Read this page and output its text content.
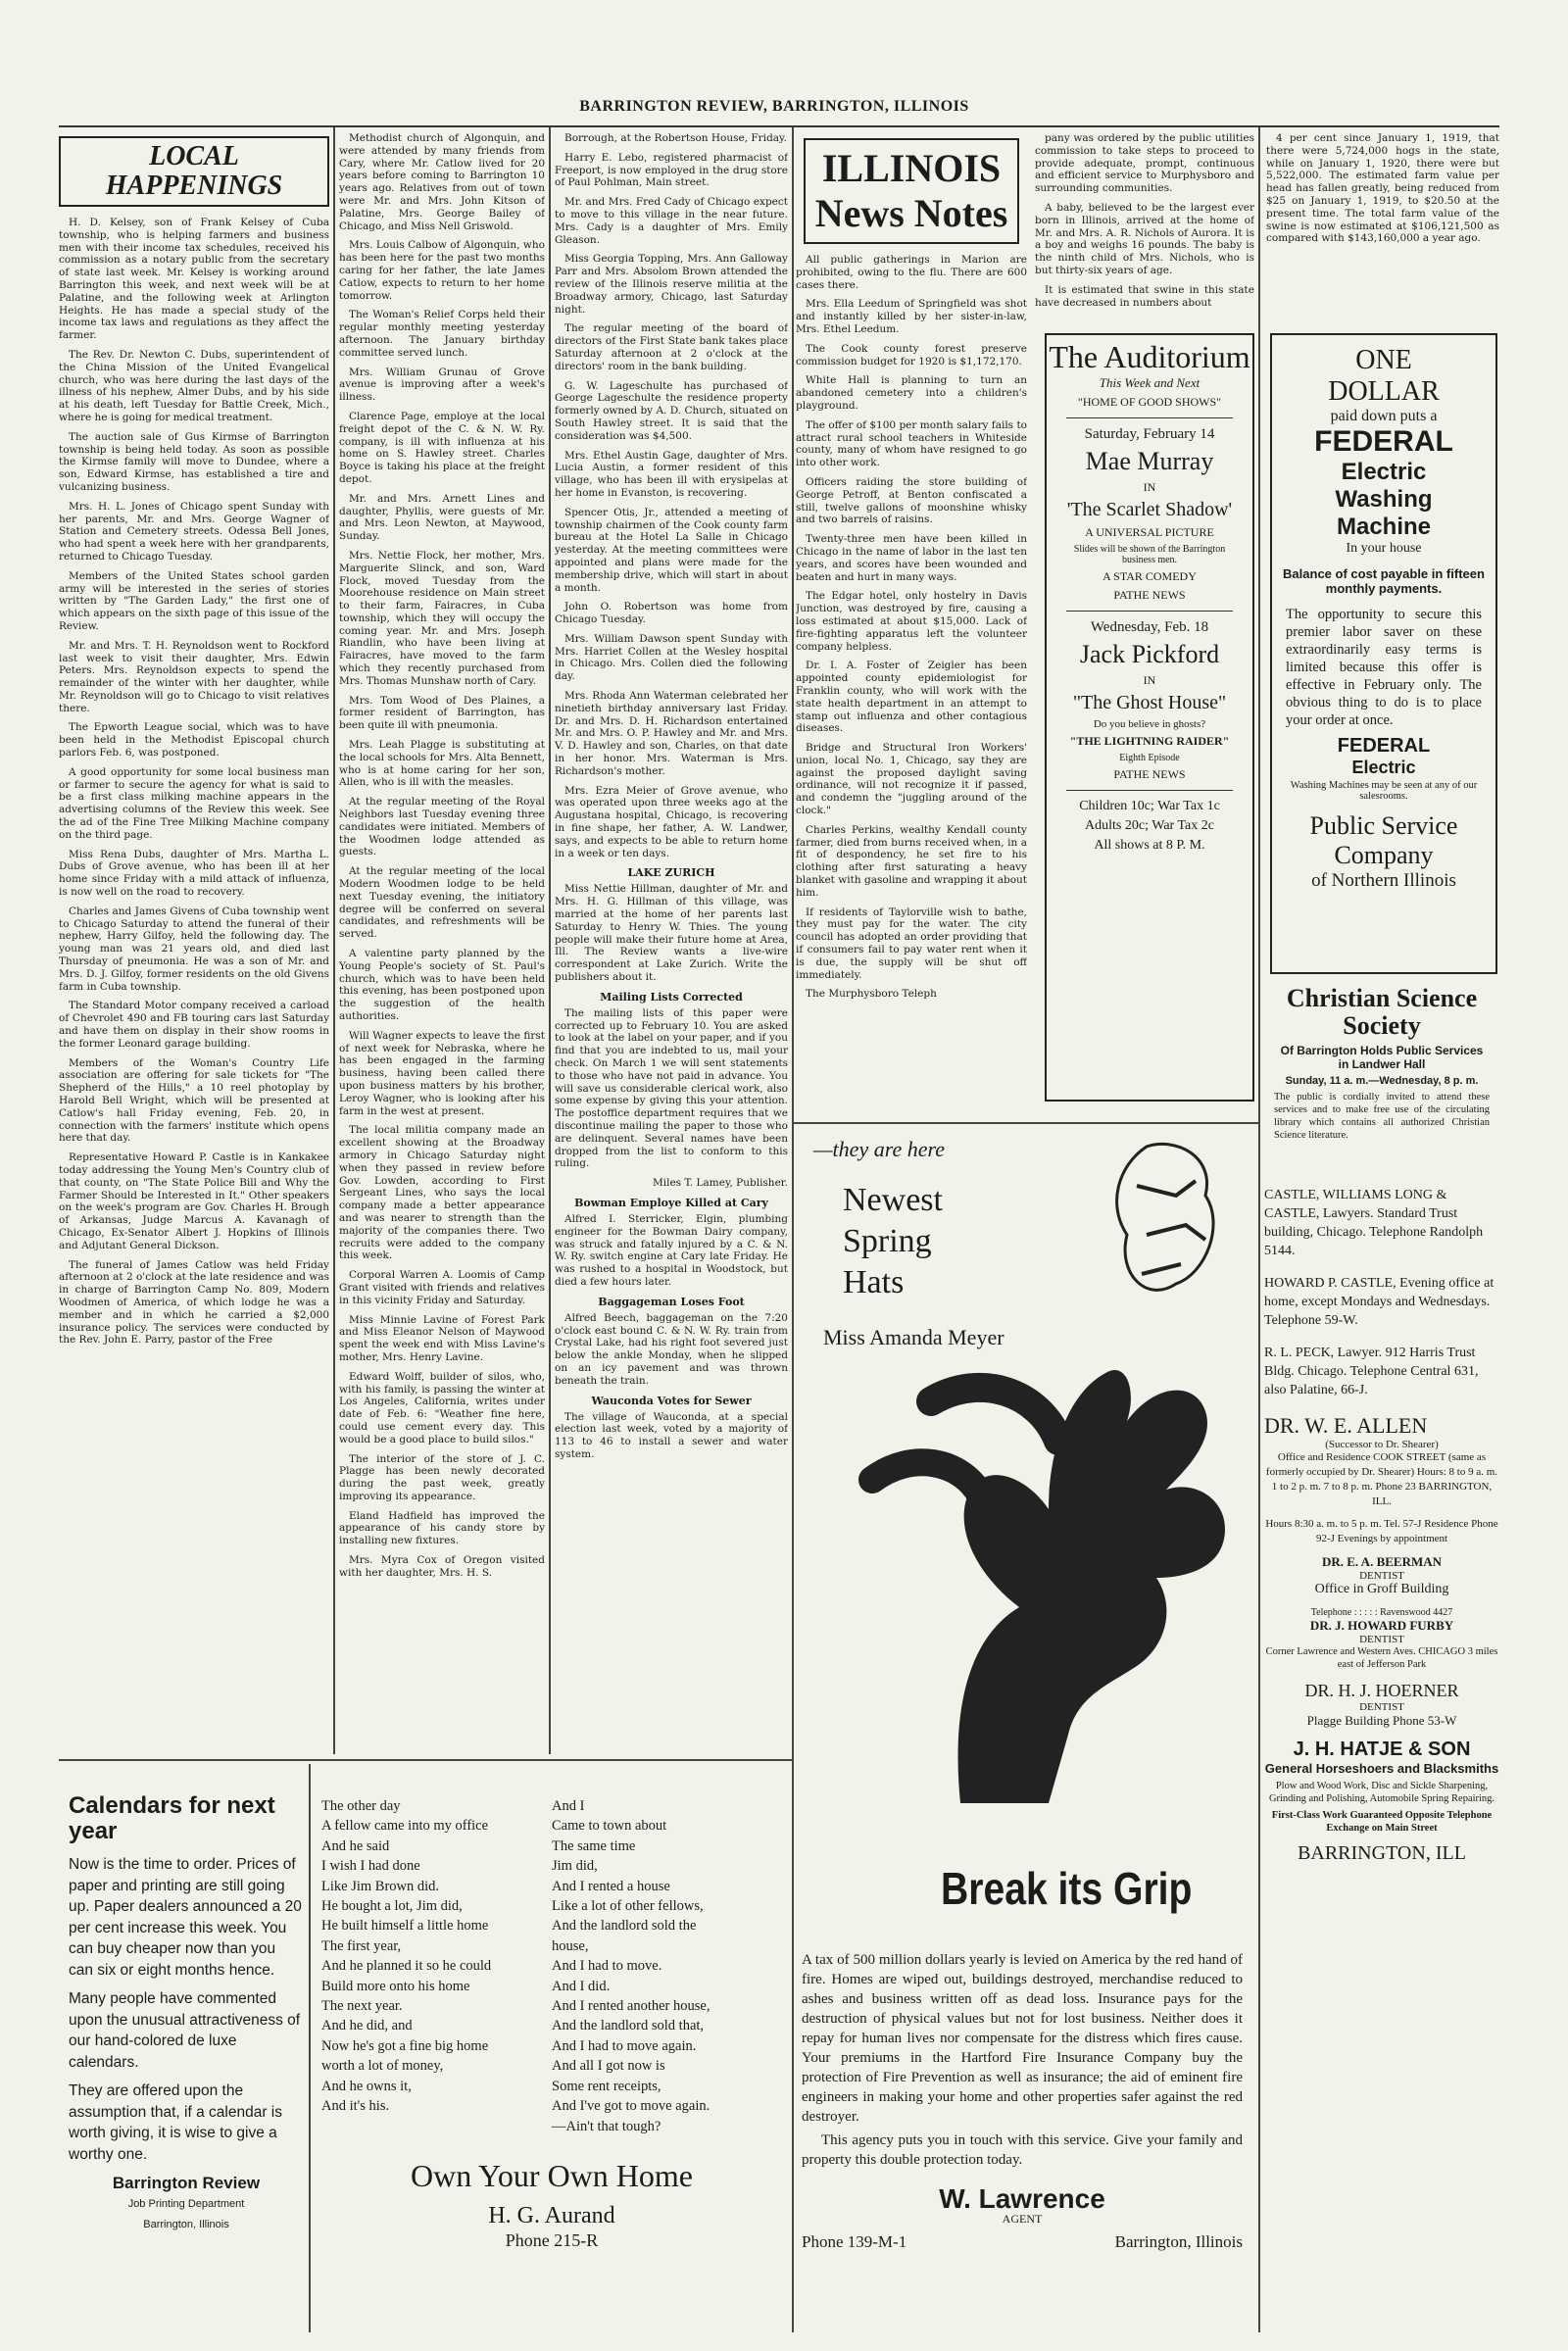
BARRINGTON REVIEW, BARRINGTON, ILLINOIS
LOCAL HAPPENINGS

H. D. Kelsey, son of Frank Kelsey of Cuba township, who is helping farmers and business men with their income tax schedules, received his commission as a notary public from the secretary of state last week. Mr. Kelsey is working around Barrington this week, and next week will be at Palatine, and the following week at Arlington Heights. He has made a special study of the income tax laws and regulations as they affect the farmer.

The Rev. Dr. Newton C. Dubs, superintendent of the China Mission of the United Evangelical church, who was here during the last days of the illness of his nephew, Almer Dubs, and by his side at his death, left Tuesday for Battle Creek, Mich., where he is going for medical treatment.

The auction sale of Gus Kirmse of Barrington township is being held today. As soon as possible the Kirmse family will move to Dundee, where a son, Edward Kirmse, has established a tire and vulcanizing business.

Mrs. H. L. Jones of Chicago spent Sunday with her parents, Mr. and Mrs. George Wagner of Station and Cemetery streets. Odessa Bell Jones, who had spent a week here with her grandparents, returned to Chicago Tuesday.

Members of the United States school garden army will be interested in the series of stories written by "The Garden Lady," the first one of which appears on the sixth page of this issue of the Review.

Mr. and Mrs. T. H. Reynoldson went to Rockford last week to visit their daughter, Mrs. Edwin Peters. Mrs. Reynoldson expects to spend the remainder of the winter with her daughter, while Mr. Reynoldson will go to Chicago to visit relatives there.

The Epworth League social, which was to have been held in the Methodist Episcopal church parlors Feb. 6, was postponed.

A good opportunity for some local business man or farmer to secure the agency for what is said to be a first class milking machine appears in the advertising columns of the Review this week. See the ad of the Fine Tree Milking Machine company on the third page.

Miss Rena Dubs, daughter of Mrs. Martha L. Dubs of Grove avenue, who has been ill at her home since Friday with a mild attack of influenza, is now well on the road to recovery.

Charles and James Givens of Cuba township went to Chicago Saturday to attend the funeral of their nephew, Harry Gilfoy, held the following day. The young man was 21 years old, and died last Thursday of pneumonia. He was a son of Mr. and Mrs. D. J. Gilfoy, former residents on the old Givens farm in Cuba township.

The Standard Motor company received a carload of Chevrolet 490 and FB touring cars last Saturday and have them on display in their show rooms in the former Leonard garage building.

Members of the Woman's Country Life association are offering for sale tickets for "The Shepherd of the Hills," a 10 reel photoplay by Harold Bell Wright, which will be presented at Catlow's hall Friday evening, Feb. 20, in connection with the farmers' institute which opens here that day.

Representative Howard P. Castle is in Kankakee today addressing the Young Men's Country club of that county, on "The State Police Bill and Why the Farmer Should be Interested in It." Other speakers on the week's program are Gov. Charles H. Brough of Arkansas, Judge Marcus A. Kavanagh of Chicago, Ex-Senator Albert J. Hopkins of Illinois and Adjutant General Dickson.

The funeral of James Catlow was held Friday afternoon at 2 o'clock at the late residence and was in charge of Barrington Camp No. 809, Modern Woodmen of America, of which lodge he was a member and in which he carried a $2,000 insurance policy. The services were conducted by the Rev. John E. Parry, pastor of the Free

Methodist church of Algonquin, and were attended by many friends from Cary, where Mr. Catlow lived for 20 years before coming to Barrington 10 years ago. Relatives from out of town were Mr. and Mrs. John Kitson of Palatine, Mrs. George Bailey of Chicago, and Miss Nell Griswold.

Mrs. Louis Calbow of Algonquin, who has been here for the past two months caring for her father, the late James Catlow, expects to return to her home tomorrow.

The Woman's Relief Corps held their regular monthly meeting yesterday afternoon. The January birthday committee served lunch.

Mrs. William Grunau of Grove avenue is improving after a week's illness.

Clarence Page, employe at the local freight depot of the C. & N. W. Ry. company, is ill with influenza at his home on S. Hawley street. Charles Boyce is taking his place at the freight depot.

Mr. and Mrs. Arnett Lines and daughter, Phyllis, were guests of Mr. and Mrs. Leon Newton, at Maywood, Sunday.

Mrs. Nettie Flock, her mother, Mrs. Marguerite Slinck, and son, Ward Flock, moved Tuesday from the Moorehouse residence on Main street to their farm, Fairacres, in Cuba township, which they will occupy the coming year. Mr. and Mrs. Joseph Riandlin, who have been living at Fairacres, have moved to the farm which they recently purchased from Mrs. Thomas Munshaw north of Cary.

Mrs. Tom Wood of Des Plaines, a former resident of Barrington, has been quite ill with pneumonia.

Mrs. Leah Plagge is substituting at the local schools for Mrs. Alta Bennett, who is at home caring for her son, Allen, who is ill with the measles.

At the regular meeting of the Royal Neighbors last Tuesday evening three candidates were initiated. Members of the Woodmen lodge attended as guests.

At the regular meeting of the local Modern Woodmen lodge to be held next Tuesday evening, the initiatory degree will be conferred on several candidates, and refreshments will be served.

A valentine party planned by the Young People's society of St. Paul's church, which was to have been held this evening, has been postponed upon the suggestion of the health authorities.

Will Wagner expects to leave the first of next week for Nebraska, where he has been engaged in the farming business, having been called there upon business matters by his brother, Leroy Wagner, who is looking after his farm in the west at present.

The local militia company made an excellent showing at the Broadway armory in Chicago Saturday night when they passed in review before Gov. Lowden, according to First Sergeant Lines, who says the local company made a better appearance and was nearer to strength than the majority of the companies there. Two recruits were added to the company this week.

Corporal Warren A. Loomis of Camp Grant visited with friends and relatives in this vicinity Friday and Saturday.

Miss Minnie Lavine of Forest Park and Miss Eleanor Nelson of Maywood spent the week end with Miss Lavine's mother, Mrs. Henry Lavine.

Edward Wolff, builder of silos, who, with his family, is passing the winter at Los Angeles, California, writes under date of Feb. 6: "Weather fine here, could use cement every day. This would be a good place to build silos."

The interior of the store of J. C. Plagge has been newly decorated during the past week, greatly improving its appearance.

Eland Hadfield has improved the appearance of his candy store by installing new fixtures.

Mrs. Myra Cox of Oregon visited with her daughter, Mrs. H. S.

Borrough, at the Robertson House, Friday.

Harry E. Lebo, registered pharmacist of Freeport, is now employed in the drug store of Paul Pohlman, Main street.

Mr. and Mrs. Fred Cady of Chicago expect to move to this village in the near future. Mrs. Cady is a daughter of Mrs. Emily Gleason.

Miss Georgia Topping, Mrs. Ann Galloway Parr and Mrs. Absolom Brown attended the review of the Illinois reserve militia at the Broadway armory, Chicago, last Saturday night.

The regular meeting of the board of directors of the First State bank takes place Saturday afternoon at 2 o'clock at the directors' room in the bank building.

G. W. Lageschulte has purchased of George Lageschulte the residence property formerly owned by A. D. Church, situated on South Hawley street. It is said that the consideration was $4,500.

Mrs. Ethel Austin Gage, daughter of Mrs. Lucia Austin, a former resident of this village, who has been ill with erysipelas at her home in Evanston, is recovering.

Spencer Otis, Jr., attended a meeting of township chairmen of the Cook county farm bureau at the Hotel La Salle in Chicago yesterday. At the meeting committees were appointed and plans were made for the membership drive, which will start in about a month.

John O. Robertson was home from Chicago Tuesday.

Mrs. William Dawson spent Sunday with Mrs. Harriet Collen at the Wesley hospital in Chicago. Mrs. Collen died the following day.

Mrs. Rhoda Ann Waterman celebrated her ninetieth birthday anniversary last Friday. Dr. and Mrs. D. H. Richardson entertained Mr. and Mrs. O. P. Hawley and Mr. and Mrs. V. D. Hawley and son, Charles, on that date in her honor. Mrs. Waterman is Mrs. Richardson's mother.

Mrs. Ezra Meier of Grove avenue, who was operated upon three weeks ago at the Augustana hospital, Chicago, is recovering in fine shape, her father, A. W. Landwer, says, and expects to be able to return home in a week or ten days.

LAKE ZURICH

Miss Nettie Hillman, daughter of Mr. and Mrs. H. G. Hillman of this village, was married at the home of her parents last Saturday to Henry W. Thies. The young people will make their future home at Area, Ill. The Review wants a live-wire correspondent at Lake Zurich. Write the publishers about it.

Mailing Lists Corrected

The mailing lists of this paper were corrected up to February 10. You are asked to look at the label on your paper, and if you find that you are indebted to us, mail your check. On March 1 we will sent statements to those who have not paid in advance. You will save us considerable clerical work, also some expense by giving this your attention. The postoffice department requires that we discontinue mailing the paper to those who are delinquent. Several names have been dropped from the list to conform to this ruling.

Miles T. Lamey, Publisher.

Bowman Employe Killed at Cary

Alfred I. Sterricker, Elgin, plumbing engineer for the Bowman Dairy company, was struck and fatally injured by a C. & N. W. Ry. switch engine at Cary late Friday. He was rushed to a hospital in Woodstock, but died a few hours later.

Baggageman Loses Foot

Alfred Beech, baggageman on the 7:20 o'clock east bound C. & N. W. Ry. train from Crystal Lake, had his right foot severed just below the ankle Monday, when he slipped on an icy pavement and was thrown beneath the train.

Wauconda Votes for Sewer

The village of Wauconda, at a special election last week, voted by a majority of 113 to 46 to install a sewer and water system.

ILLINOIS
News Notes

All public gatherings in Marion are prohibited, owing to the flu. There are 600 cases there.

Mrs. Ella Leedum of Springfield was shot and instantly killed by her sister-in-law, Mrs. Ethel Leedum.

The Cook county forest preserve commission budget for 1920 is $1,172,170.

White Hall is planning to turn an abandoned cemetery into a children's playground.

The offer of $100 per month salary fails to attract rural school teachers in Whiteside county, many of whom have resigned to go into other work.

Officers raiding the store building of George Petroff, at Benton confiscated a still, twelve gallons of moonshine whisky and two barrels of raisins.

Twenty-three men have been killed in Chicago in the name of labor in the last ten years, and scores have been wounded and beaten and hurt in many ways.

The Edgar hotel, only hostelry in Davis Junction, was destroyed by fire, causing a loss estimated at about $15,000. Lack of fire-fighting apparatus left the volunteer company helpless.

Dr. I. A. Foster of Zeigler has been appointed county epidemiologist for Franklin county, who will work with the state health department in an attempt to stamp out influenza and other contagious diseases.

Bridge and Structural Iron Workers' union, local No. 1, Chicago, say they are against the proposed daylight saving ordinance, will not recognize it if passed, and condemn the "juggling around of the clock."

Charles Perkins, wealthy Kendall county farmer, died from burns received when, in a fit of despondency, he set fire to his clothing after first saturating a heavy blanket with gasoline and wrapping it about him.

If residents of Taylorville wish to bathe, they must pay for the water. The city council has adopted an order providing that if consumers fail to pay water rent when it is due, the supply will be shut off immediately.

The Murphysboro Teleph

pany was ordered by the public utilities commission to take steps to proceed to provide adequate, prompt, continuous and efficient service to Murphysboro and surrounding communities.

A baby, believed to be the largest ever born in Illinois, arrived at the home of Mr. and Mrs. A. R. Nichols of Aurora. It is a boy and weighs 16 pounds. The baby is the ninth child of Mrs. Nichols, who is but thirty-six years of age.

It is estimated that swine in this state have decreased in numbers about

4 per cent since January 1, 1919, that there were 5,724,000 hogs in the state, while on January 1, 1920, there were but 5,522,000. The estimated farm value per head has fallen greatly, being reduced from $25 on January 1, 1919, to $20.50 at the present time. The total farm value of the swine is now estimated at $106,121,500 as compared with $143,160,000 a year ago.

The Auditorium
This Week and Next
"HOME OF GOOD SHOWS"
Saturday, February 14
Mae Murray
IN
'The Scarlet Shadow'
A UNIVERSAL PICTURE
Slides will be shown of the Barrington business men.
A STAR COMEDY
PATHE NEWS
Wednesday, Feb. 18
Jack Pickford
IN
"The Ghost House"
Do you believe in ghosts?
"THE LIGHTNING RAIDER"
Eighth Episode
PATHE NEWS
Children 10c; War Tax 1c
Adults 20c; War Tax 2c
All shows at 8 P. M.
—they are here
Newest
Spring
Hats
Miss Amanda Meyer
Break its Grip
A tax of 500 million dollars yearly is levied on America by the red hand of fire. Homes are wiped out, buildings destroyed, merchandise reduced to ashes and business written off as dead loss. Insurance pays for the destruction of physical values but not for lost business. Neither does it repay for human lives nor compensate for the distress which fires cause. Your premiums in the Hartford Fire Insurance Company buy the protection of Fire Prevention as well as insurance; the aid of eminent fire engineers in making your home and other properties safer against the red destroyer.
This agency puts you in touch with this service. Give your family and property this double protection today.
W. Lawrence
AGENT
Phone 139-M-1	Barrington, Illinois
Calendars for next year
Now is the time to order. Prices of paper and printing are still going up. Paper dealers announced a 20 per cent increase this week. You can buy cheaper now than you can six or eight months hence.
Many people have commented upon the unusual attractiveness of our hand-colored de luxe calendars.
They are offered upon the assumption that, if a calendar is worth giving, it is wise to give a worthy one.
Barrington Review
Job Printing Department
Barrington, Illinois
The other day
A fellow came into my office
And he said
I wish I had done
Like Jim Brown did.
He bought a lot, Jim did,
He built himself a little home
The first year,
And he planned it so he could
Build more onto his home
The next year.
And he did, and
Now he's got a fine big home
worth a lot of money,
And he owns it,
And it's his.
And I
Came to town about
The same time
Jim did,
And I rented a house
Like a lot of other fellows,
And the landlord sold the
house,
And I had to move.
And I did.
And I rented another house,
And the landlord sold that,
And I had to move again.
And all I got now is
Some rent receipts,
And I've got to move again.
—Ain't that tough?
Own Your Own Home
H. G. Aurand
Phone 215-R
ONE
DOLLAR
paid down puts a
FEDERAL
Electric
Washing
Machine
In your house
Balance of cost payable in fifteen monthly payments.
The opportunity to secure this premier labor saver on these extraordinarily easy terms is limited because this offer is effective in February only. The obvious thing to do is to place your order at once.
FEDERAL
Electric
Washing Machines may be seen at any of our salesrooms.
Public Service
Company
of Northern Illinois
Christian Science
Society
Of Barrington Holds Public Services in Landwer Hall
Sunday, 11 a. m.—Wednesday, 8 p. m.
The public is cordially invited to attend these services and to make free use of the circulating library which contains all authorized Christian Science literature.
CASTLE, WILLIAMS LONG & CASTLE, Lawyers. Standard Trust building, Chicago. Telephone Randolph 5144.
HOWARD P. CASTLE, Evening office at home, except Mondays and Wednesdays. Telephone 59-W.
R. L. PECK, Lawyer. 912 Harris Trust Bldg. Chicago. Telephone Central 631, also Palatine, 66-J.
DR. W. E. ALLEN
(Successor to Dr. Shearer)
Office and Residence COOK STREET (same as formerly occupied by Dr. Shearer) Hours: 8 to 9 a. m. 1 to 2 p. m. 7 to 8 p. m. Phone 23 BARRINGTON, ILL.
Hours 8:30 a. m. to 5 p. m. Tel. 57-J Residence Phone 92-J Evenings by appointment
DR. E. A. BEERMAN
DENTIST
Office in Groff Building
Telephone : : : : : Ravenswood 4427
DR. J. HOWARD FURBY
DENTIST
Corner Lawrence and Western Aves. CHICAGO 3 miles east of Jefferson Park
DR. H. J. HOERNER
DENTIST
Plagge Building Phone 53-W
J. H. HATJE & SON
General Horseshoers and Blacksmiths
Plow and Wood Work, Disc and Sickle Sharpening, Grinding and Polishing, Automobile Spring Repairing.
First-Class Work Guaranteed Opposite Telephone Exchange on Main Street
BARRINGTON, ILL
